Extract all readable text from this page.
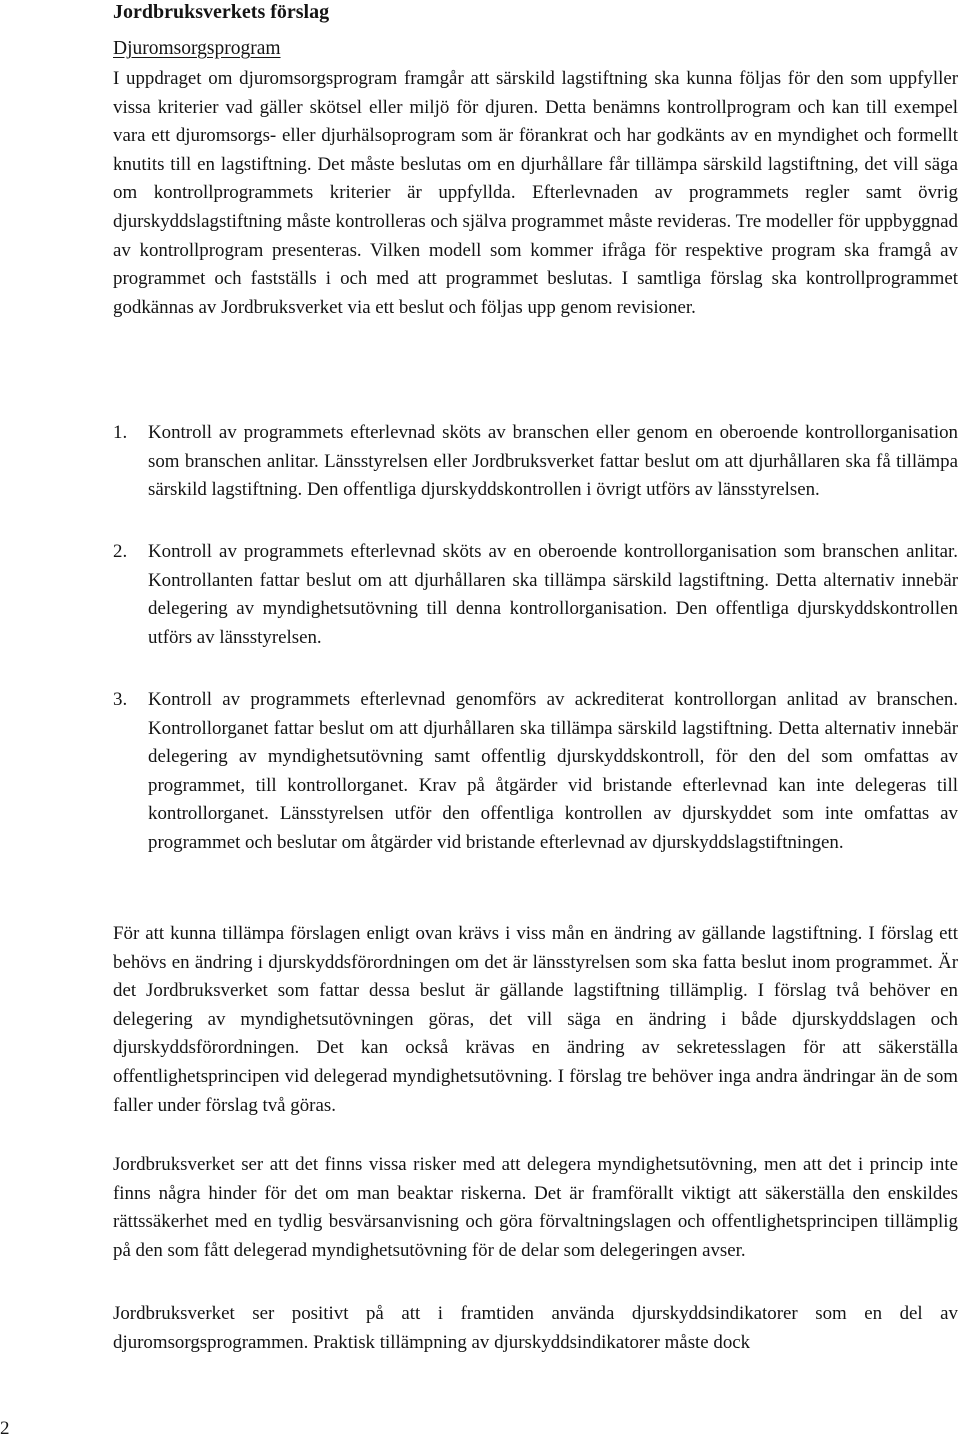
Jordbruksverkets förslag
Djuromsorgsprogram

I uppdraget om djuromsorgsprogram framgår att särskild lagstiftning ska kunna följas för den som uppfyller vissa kriterier vad gäller skötsel eller miljö för djuren. Detta benämns kontrollprogram och kan till exempel vara ett djuromsorgs- eller djurhälsoprogram som är förankrat och har godkänts av en myndighet och formellt knutits till en lagstiftning. Det måste beslutas om en djurhållare får tillämpa särskild lagstiftning, det vill säga om kontrollprogrammets kriterier är uppfyllda. Efterlevnaden av programmets regler samt övrig djurskyddslagstiftning måste kontrolleras och själva programmet måste revideras. Tre modeller för uppbyggnad av kontrollprogram presenteras. Vilken modell som kommer ifråga för respektive program ska framgå av programmet och fastställs i och med att programmet beslutas. I samtliga förslag ska kontrollprogrammet godkännas av Jordbruksverket via ett beslut och följas upp genom revisioner.

1. Kontroll av programmets efterlevnad sköts av branschen eller genom en oberoende kontrollorganisation som branschen anlitar. Länsstyrelsen eller Jordbruksverket fattar beslut om att djurhållaren ska få tillämpa särskild lagstiftning. Den offentliga djurskyddskontrollen i övrigt utförs av länsstyrelsen.
2. Kontroll av programmets efterlevnad sköts av en oberoende kontrollorganisation som branschen anlitar. Kontrollanten fattar beslut om att djurhållaren ska tillämpa särskild lagstiftning. Detta alternativ innebär delegering av myndighetsutövning till denna kontrollorganisation. Den offentliga djurskyddskontrollen utförs av länsstyrelsen.
3. Kontroll av programmets efterlevnad genomförs av ackrediterat kontrollorgan anlitad av branschen. Kontrollorganet fattar beslut om att djurhållaren ska tillämpa särskild lagstiftning. Detta alternativ innebär delegering av myndighetsutövning samt offentlig djurskyddskontroll, för den del som omfattas av programmet, till kontrollorganet. Krav på åtgärder vid bristande efterlevnad kan inte delegeras till kontrollorganet. Länsstyrelsen utför den offentliga kontrollen av djurskyddet som inte omfattas av programmet och beslutar om åtgärder vid bristande efterlevnad av djurskyddslagstiftningen.

För att kunna tillämpa förslagen enligt ovan krävs i viss mån en ändring av gällande lagstiftning. I förslag ett behövs en ändring i djurskyddsförordningen om det är länsstyrelsen som ska fatta beslut inom programmet. Är det Jordbruksverket som fattar dessa beslut är gällande lagstiftning tillämplig. I förslag två behöver en delegering av myndighetsutövningen göras, det vill säga en ändring i både djurskyddslagen och djurskyddsförordningen. Det kan också krävas en ändring av sekretesslagen för att säkerställa offentlighetsprincipen vid delegerad myndighetsutövning. I förslag tre behöver inga andra ändringar än de som faller under förslag två göras.

Jordbruksverket ser att det finns vissa risker med att delegera myndighetsutövning, men att det i princip inte finns några hinder för det om man beaktar riskerna. Det är framförallt viktigt att säkerställa den enskildes rättssäkerhet med en tydlig besvärsanvisning och göra förvaltningslagen och offentlighetsprincipen tillämplig på den som fått delegerad myndighetsutövning för de delar som delegeringen avser.

Jordbruksverket ser positivt på att i framtiden använda djurskyddsindikatorer som en del av djuromsorgsprogrammen. Praktisk tillämpning av djurskyddsindikatorer måste dock

2
